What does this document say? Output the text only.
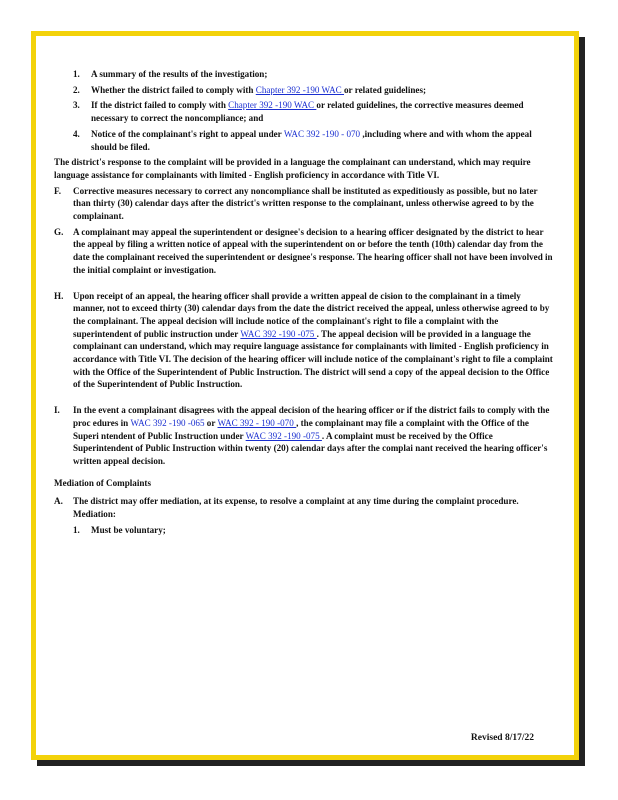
1. A summary of the results of the investigation;
2. Whether the district failed to comply with Chapter 392 -190 WAC or related guidelines;
3. If the district failed to comply with Chapter 392 -190 WAC or related guidelines, the corrective measures deemed necessary to correct the noncompliance; and
4. Notice of the complainant's right to appeal under WAC 392 -190 - 070 ,including where and with whom the appeal should be filed.

The district's response to the complaint will be provided in a language the complainant can understand, which may require language assistance for complainants with limited - English proficiency in accordance with Title VI.

F. Corrective measures necessary to correct any noncompliance shall be instituted as expeditiously as possible, but no later than thirty (30) calendar days after the district's written response to the complainant, unless otherwise agreed to by the complainant.
G. A complainant may appeal the superintendent or designee's decision to a hearing officer designated by the district to hear the appeal by filing a written notice of appeal with the superintendent on or before the tenth (10th) calendar day from the date the complainant received the superintendent or designee's response. The hearing officer shall not have been involved in the initial complaint or investigation.
H. Upon receipt of an appeal, the hearing officer shall provide a written appeal de cision to the complainant in a timely manner, not to exceed thirty (30) calendar days from the date the district received the appeal, unless otherwise agreed to by the complainant. The appeal decision will include notice of the complainant's right to file a complaint with the superintendent of public instruction under WAC 392 -190 -075 . The appeal decision will be provided in a language the complainant can understand, which may require language assistance for complainants with limited - English proficiency in accordance with Title VI. The decision of the hearing officer will include notice of the complainant's right to file a complaint with the Office of the Superintendent of Public Instruction. The district will send a copy of the appeal decision to the Office of the Superintendent of Public Instruction.
I. In the event a complainant disagrees with the appeal decision of the hearing officer or if the district fails to comply with the proc edures in WAC 392 -190 -065 or WAC 392 - 190 -070 , the complainant may file a complaint with the Office of the Superi ntendent of Public Instruction under WAC 392 -190 -075 . A complaint must be received by the Office Superintendent of Public Instruction within twenty (20) calendar days after the complai nant received the hearing officer's written appeal decision.

Mediation of Complaints

A. The district may offer mediation, at its expense, to resolve a complaint at any time during the complaint procedure. Mediation:
1. Must be voluntary;
Revised 8/17/22
